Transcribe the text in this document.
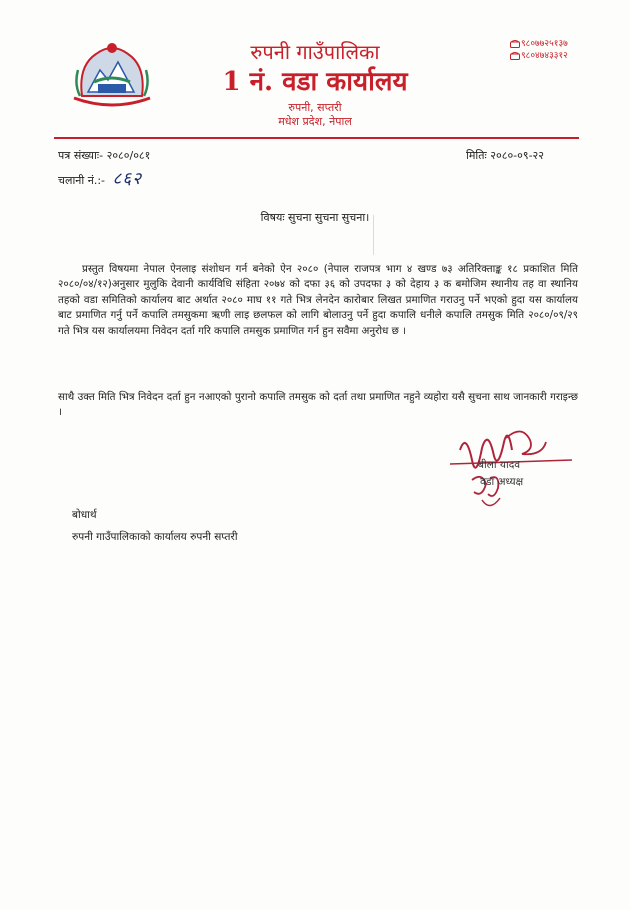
रुपनी गाउँपालिका
1 नं. वडा कार्यालय
रुपनी, सप्तरी
मधेश प्रदेश, नेपाल
९८०७७२५१३७
९८०४७४३३१२
पत्र संख्याः- २०८०/०८१	मितिः २०८०-०९-२२
चलानी नं.:- ८६२
विषयः सुचना सुचना सुचना।

प्रस्तुत विषयमा नेपाल ऐनलाइ संशोधन गर्न बनेको ऐन २०८० (नेपाल राजपत्र भाग ४ खण्ड ७३ अतिरिक्ताङ्क १८ प्रकाशित मिति २०८०/०४/१२)अनुसार मुलुकि देवानी कार्यविधि संहिता २०७४ को दफा ३६ को उपदफा ३ को देहाय ३ क बमोजिम स्थानीय तह वा स्थानिय तहको वडा समितिको कार्यालय बाट अर्थात २०८० माघ ११ गते भित्र लेनदेन कारोबार लिखत प्रमाणित गराउनु पर्ने भएको हुदा यस कार्यालय बाट प्रमाणित गर्नु पर्ने कपालि तमसुकमा ऋणी लाइ छलफल को लागि बोलाउनु पर्ने हुदा कपालि धनीले कपालि तमसुक मिति २०८०/०९/२९ गते भित्र यस कार्यालयमा निवेदन दर्ता गरि कपालि तमसुक प्रमाणित गर्न हुन सवैमा अनुरोध छ ।

साथै उक्त मिति भित्र निवेदन दर्ता हुन नआएको पुरानो कपालि तमसुक को दर्ता तथा प्रमाणित नहुने व्यहोरा यसै सुचना साथ जानकारी गराइन्छ ।

बीला यादव
वडा अध्यक्ष
बोधार्थ
रुपनी गाउँपालिकाको कार्यालय रुपनी सप्तरी
